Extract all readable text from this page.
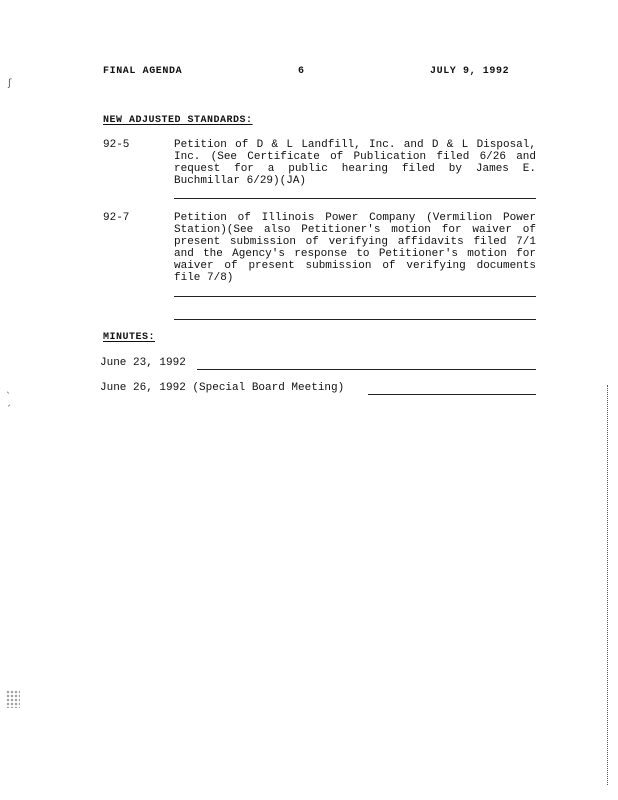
FINAL AGENDA	6	JULY 9, 1992
NEW ADJUSTED STANDARDS:
92-5	Petition of D & L Landfill, Inc. and D & L Disposal, Inc. (See Certificate of Publication filed 6/26 and request for a public hearing filed by James E. Buchmillar 6/29)(JA)
92-7	Petition of Illinois Power Company (Vermilion Power Station)(See also Petitioner's motion for waiver of present submission of verifying affidavits filed 7/1 and the Agency's response to Petitioner's motion for waiver of present submission of verifying documents file 7/8)
MINUTES:
June 23, 1992
June 26, 1992 (Special Board Meeting)
ʃ
ˎ
ˏ
